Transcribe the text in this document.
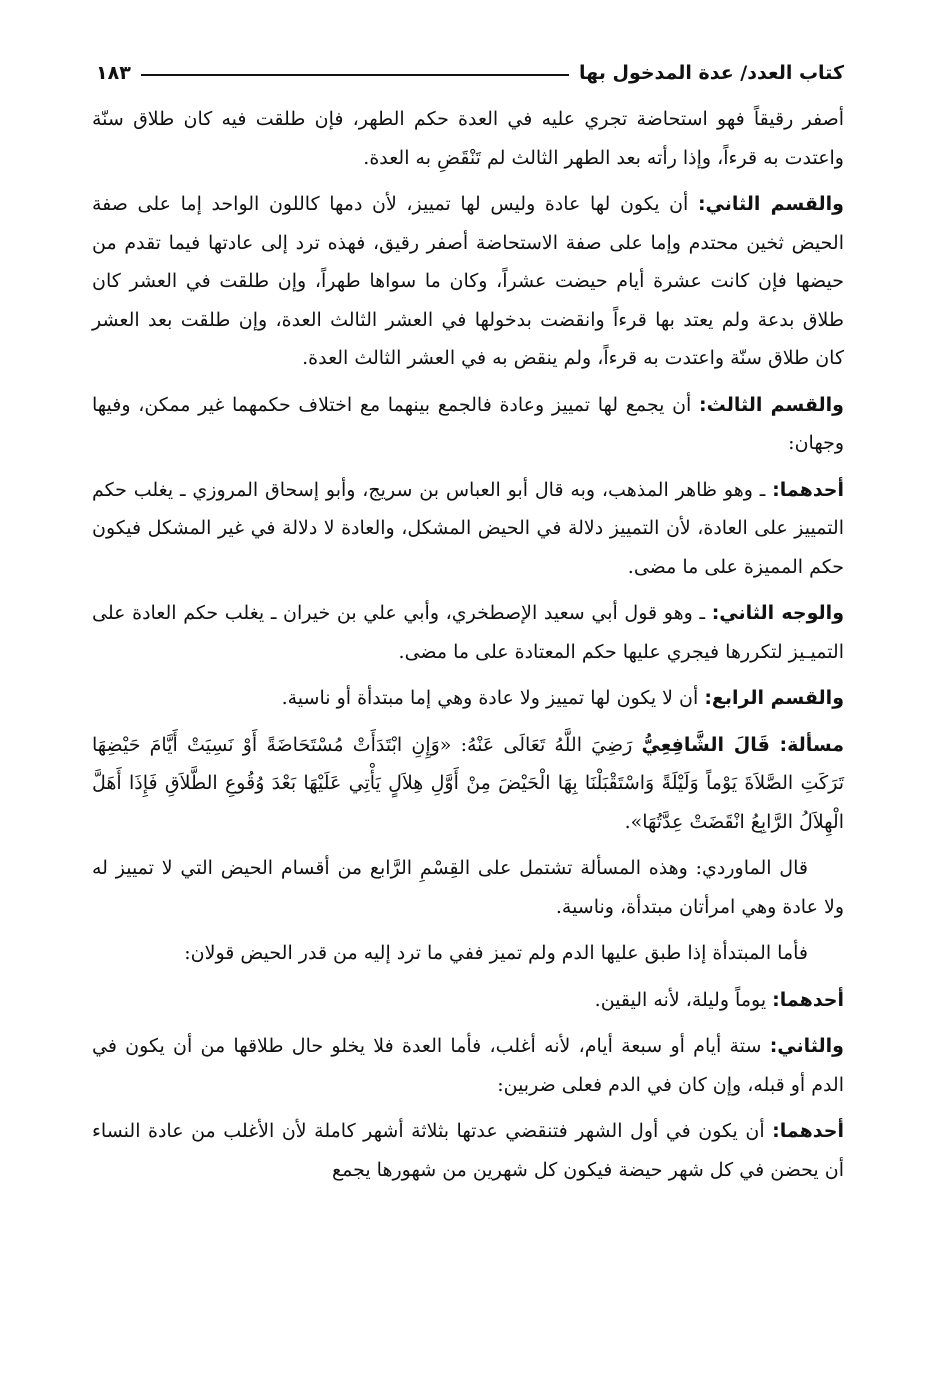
كتاب العدد/ عدة المدخول بها
١٨٣

أصفر رقيقاً فهو استحاضة تجري عليه في العدة حكم الطهر، فإن طلقت فيه كان طلاق سنّة واعتدت به قرءاً، وإذا رأته بعد الطهر الثالث لم تَنْقَضِ به العدة.

والقسم الثاني: أن يكون لها عادة وليس لها تمييز، لأن دمها كاللون الواحد إما على صفة الحيض ثخين محتدم وإما على صفة الاستحاضة أصفر رقيق، فهذه ترد إلى عادتها فيما تقدم من حيضها فإن كانت عشرة أيام حيضت عشراً، وكان ما سواها طهراً، وإن طلقت في العشر كان طلاق بدعة ولم يعتد بها قرءاً وانقضت بدخولها في العشر الثالث العدة، وإن طلقت بعد العشر كان طلاق سنّة واعتدت به قرءاً، ولم ينقض به في العشر الثالث العدة.

والقسم الثالث: أن يجمع لها تمييز وعادة فالجمع بينهما مع اختلاف حكمهما غير ممكن، وفيها وجهان:

أحدهما: ـ وهو ظاهر المذهب، وبه قال أبو العباس بن سريج، وأبو إسحاق المروزي ـ يغلب حكم التمييز على العادة، لأن التمييز دلالة في الحيض المشكل، والعادة لا دلالة في غير المشكل فيكون حكم المميزة على ما مضى.

والوجه الثاني: ـ وهو قول أبي سعيد الإصطخري، وأبي علي بن خيران ـ يغلب حكم العادة على التميـيز لتكررها فيجري عليها حكم المعتادة على ما مضى.

والقسم الرابع: أن لا يكون لها تمييز ولا عادة وهي إما مبتدأة أو ناسية.

مسألة: قَالَ الشَّافِعِيُّ رَضِيَ اللَّهُ تَعَالَى عَنْهُ: «وَإِنِ ابْتَدَأَتْ مُسْتَحَاضَةً أَوْ نَسِيَتْ أَيَّامَ حَيْضِهَا تَرَكَتِ الصَّلاَةَ يَوْماً وَلَيْلَةً وَاسْتَقْبَلْنَا بِهَا الْحَيْضَ مِنْ أَوَّلِ هِلاَلٍ يَأْتِي عَلَيْهَا بَعْدَ وُقُوعِ الطَّلاَقِ فَإِذَا أَهَلَّ الْهِلاَلُ الرَّابِعُ انْقَضَتْ عِدَّتُهَا».

قال الماوردي: وهذه المسألة تشتمل على القِسْمِ الرَّابع من أقسام الحيض التي لا تمييز له ولا عادة وهي امرأتان مبتدأة، وناسية.

فأما المبتدأة إذا طبق عليها الدم ولم تميز ففي ما ترد إليه من قدر الحيض قولان:

أحدهما: يوماً وليلة، لأنه اليقين.

والثاني: ستة أيام أو سبعة أيام، لأنه أغلب، فأما العدة فلا يخلو حال طلاقها من أن يكون في الدم أو قبله، وإن كان في الدم فعلى ضربين:

أحدهما: أن يكون في أول الشهر فتنقضي عدتها بثلاثة أشهر كاملة لأن الأغلب من عادة النساء أن يحضن في كل شهر حيضة فيكون كل شهرين من شهورها يجمع
